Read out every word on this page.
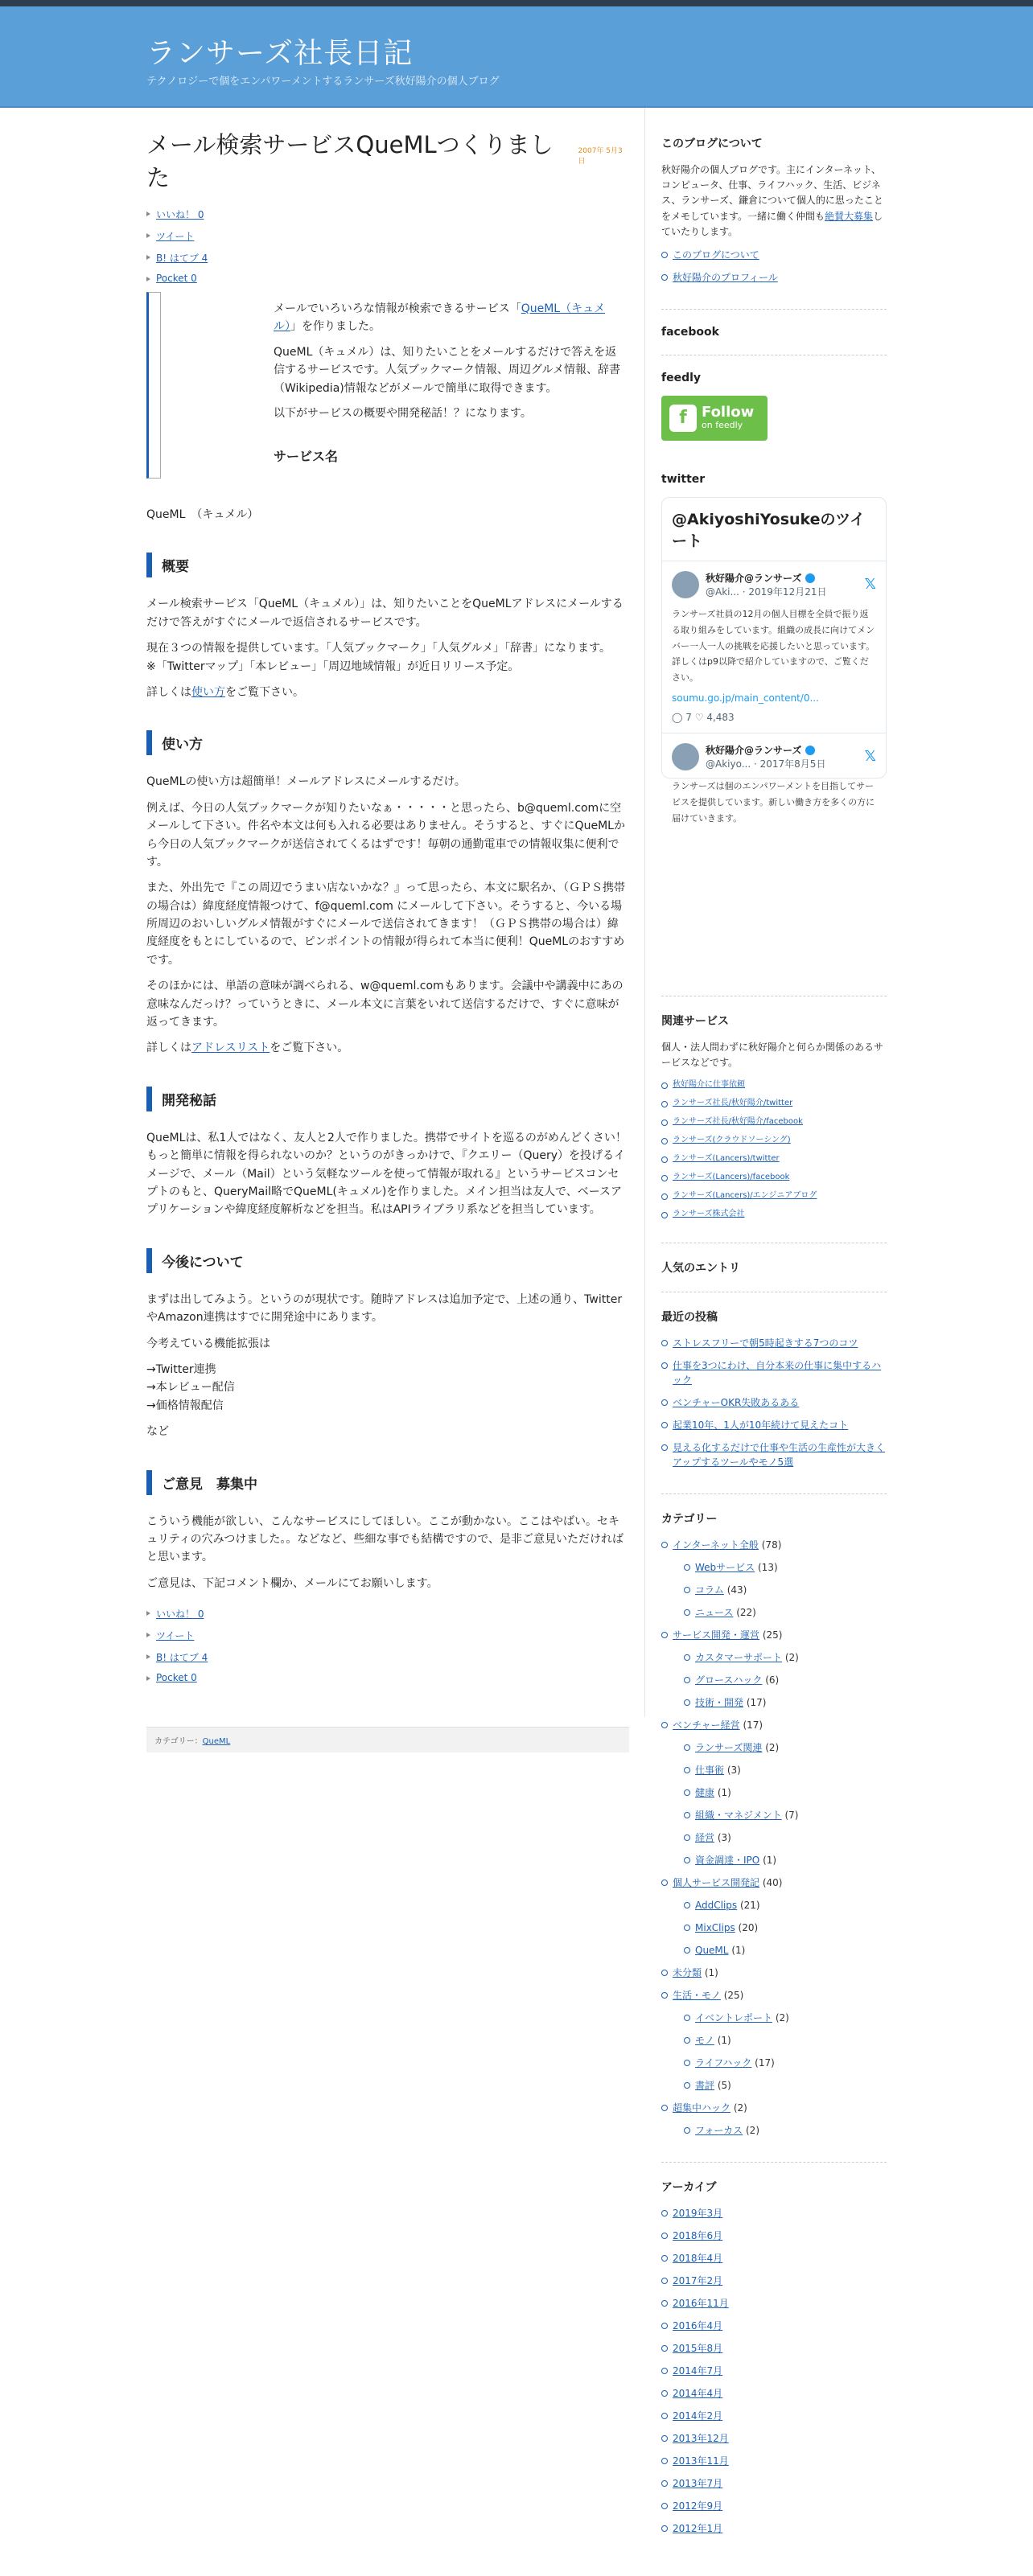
ランサーズ社長日記
テクノロジーで個をエンパワーメントするランサーズ秋好陽介の個人ブログ
メール検索サービスQueMLつくりました
2007年 5月3日
いいね！ 0
ツイート
B! はてブ 4
Pocket 0

メールでいろいろな情報が検索できるサービス「QueML（キュメル）」を作りました。

QueML（キュメル）は、知りたいことをメールするだけで答えを返信するサービスです。人気ブックマーク情報、周辺グルメ情報、辞書（Wikipedia)情報などがメールで簡単に取得できます。

以下がサービスの概要や開発秘話！？になります。

サービス名

QueML　（キュメル）

概要

メール検索サービス「QueML（キュメル）」は、知りたいことをQueMLアドレスにメールするだけで答えがすぐにメールで返信されるサービスです。

現在３つの情報を提供しています。「人気ブックマーク」「人気グルメ」「辞書」になります。

※「Twitterマップ」「本レビュー」「周辺地域情報」が近日リリース予定。

詳しくは使い方をご覧下さい。

使い方

QueMLの使い方は超簡単！メールアドレスにメールするだけ。

例えば、今日の人気ブックマークが知りたいなぁ・・・・・と思ったら、b@queml.comに空メールして下さい。件名や本文は何も入れる必要はありません。そうすると、すぐにQueMLから今日の人気ブックマークが送信されてくるはずです！毎朝の通勤電車での情報収集に便利です。

また、外出先で『この周辺でうまい店ないかな？』って思ったら、本文に駅名か、（ＧＰＳ携帯の場合は）緯度経度情報つけて、f@queml.com にメールして下さい。そうすると、今いる場所周辺のおいしいグルメ情報がすぐにメールで送信されてきます！（ＧＰＳ携帯の場合は）緯度経度をもとにしているので、ピンポイントの情報が得られて本当に便利！QueMLのおすすめです。

そのほかには、単語の意味が調べられる、w@queml.comもあります。会議中や講義中にあの意味なんだっけ？っていうときに、メール本文に言葉をいれて送信するだけで、すぐに意味が返ってきます。

詳しくはアドレスリストをご覧下さい。

開発秘話

QueMLは、私1人ではなく、友人と2人で作りました。携帯でサイトを巡るのがめんどくさい！もっと簡単に情報を得られないのか？というのがきっかけで、『クエリー（Query）を投げるイメージで、メール（Mail）という気軽なツールを使って情報が取れる』というサービスコンセプトのもと、QueryMail略でQueML(キュメル)を作りました。メイン担当は友人で、ベースアプリケーションや緯度経度解析などを担当。私はAPIライブラリ系などを担当しています。

今後について

まずは出してみよう。というのが現状です。随時アドレスは追加予定で、上述の通り、TwitterやAmazon連携はすでに開発途中にあります。

今考えている機能拡張は

→Twitter連携

→本レビュー配信

→価格情報配信

など

ご意見　募集中

こういう機能が欲しい、こんなサービスにしてほしい。ここが動かない。ここはやばい。セキュリティの穴みつけました。。などなど、些細な事でも結構ですので、是非ご意見いただければと思います。

ご意見は、下記コメント欄か、メールにてお願いします。

いいね！ 0
ツイート
B! はてブ 4
Pocket 0
カテゴリー：QueML
このブログについて

秋好陽介の個人ブログです。主にインターネット、コンピュータ、仕事、ライフハック、生活、ビジネス、ランサーズ、鎌倉について個人的に思ったことをメモしています。一緒に働く仲間も絶賛大募集していたりします。

このブログについて
秋好陽介のプロフィール
facebook
feedly
f	Follow
on feedly
twitter
@AkiyoshiYosukeのツイート
秋好陽介@ランサーズ
@Aki... · 2019年12月21日	𝕏
ランサーズ社員の12月の個人目標を全員で振り返る取り組みをしています。組織の成長に向けてメンバー一人一人の挑戦を応援したいと思っています。詳しくはp9以降で紹介していますので、ご覧ください。
soumu.go.jp/main_content/0...
◯ 7 ♡ 4,483
秋好陽介@ランサーズ
@Akiyo... · 2017年8月5日	𝕏
ランサーズは個のエンパワーメントを目指してサービスを提供しています。新しい働き方を多くの方に届けていきます。
関連サービス

個人・法人問わずに秋好陽介と何らか関係のあるサービスなどです。

秋好陽介に仕事依頼
ランサーズ社長/秋好陽介/twitter
ランサーズ社長/秋好陽介/facebook
ランサーズ(クラウドソーシング)
ランサーズ(Lancers)/twitter
ランサーズ(Lancers)/facebook
ランサーズ(Lancers)/エンジニアブログ
ランサーズ株式会社
人気のエントリ
最近の投稿
ストレスフリーで朝5時起きする7つのコツ
仕事を3つにわけ、自分本来の仕事に集中するハック
ベンチャーOKR失敗あるある
起業10年、1人が10年続けて見えたコト
見える化するだけで仕事や生活の生産性が大きくアップするツールやモノ5選
カテゴリー
インターネット全般 (78)
Webサービス (13)
コラム (43)
ニュース (22)
サービス開発・運営 (25)
カスタマーサポート (2)
グロースハック (6)
技術・開発 (17)
ベンチャー経営 (17)
ランサーズ関連 (2)
仕事術 (3)
健康 (1)
組織・マネジメント (7)
経営 (3)
資金調達・IPO (1)
個人サービス開発記 (40)
AddClips (21)
MixClips (20)
QueML (1)
未分類 (1)
生活・モノ (25)
イベントレポート (2)
モノ (1)
ライフハック (17)
書評 (5)
超集中ハック (2)
フォーカス (2)
アーカイブ
2019年3月
2018年6月
2018年4月
2017年2月
2016年11月
2016年4月
2015年8月
2014年7月
2014年4月
2014年2月
2013年12月
2013年11月
2013年7月
2012年9月
2012年1月
